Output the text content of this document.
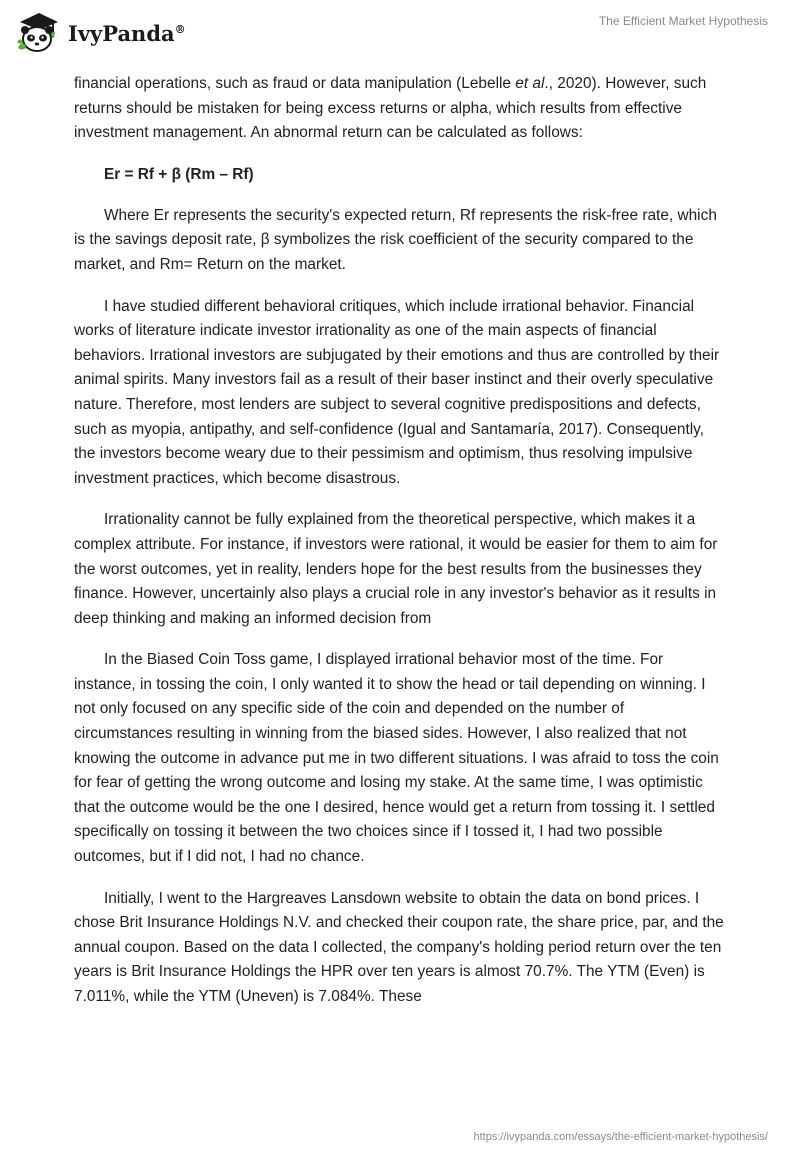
IvyPanda®
The Efficient Market Hypothesis

financial operations, such as fraud or data manipulation (Lebelle et al., 2020). However, such returns should be mistaken for being excess returns or alpha, which results from effective investment management. An abnormal return can be calculated as follows:

Er = Rf + β (Rm – Rf)

Where Er represents the security's expected return, Rf represents the risk-free rate, which is the savings deposit rate, β symbolizes the risk coefficient of the security compared to the market, and Rm= Return on the market.

I have studied different behavioral critiques, which include irrational behavior. Financial works of literature indicate investor irrationality as one of the main aspects of financial behaviors. Irrational investors are subjugated by their emotions and thus are controlled by their animal spirits. Many investors fail as a result of their baser instinct and their overly speculative nature. Therefore, most lenders are subject to several cognitive predispositions and defects, such as myopia, antipathy, and self-confidence (Igual and Santamaría, 2017). Consequently, the investors become weary due to their pessimism and optimism, thus resolving impulsive investment practices, which become disastrous.

Irrationality cannot be fully explained from the theoretical perspective, which makes it a complex attribute. For instance, if investors were rational, it would be easier for them to aim for the worst outcomes, yet in reality, lenders hope for the best results from the businesses they finance. However, uncertainly also plays a crucial role in any investor's behavior as it results in deep thinking and making an informed decision from

In the Biased Coin Toss game, I displayed irrational behavior most of the time. For instance, in tossing the coin, I only wanted it to show the head or tail depending on winning. I not only focused on any specific side of the coin and depended on the number of circumstances resulting in winning from the biased sides. However, I also realized that not knowing the outcome in advance put me in two different situations. I was afraid to toss the coin for fear of getting the wrong outcome and losing my stake. At the same time, I was optimistic that the outcome would be the one I desired, hence would get a return from tossing it. I settled specifically on tossing it between the two choices since if I tossed it, I had two possible outcomes, but if I did not, I had no chance.

Initially, I went to the Hargreaves Lansdown website to obtain the data on bond prices. I chose Brit Insurance Holdings N.V. and checked their coupon rate, the share price, par, and the annual coupon. Based on the data I collected, the company's holding period return over the ten years is Brit Insurance Holdings the HPR over ten years is almost 70.7%. The YTM (Even) is 7.011%, while the YTM (Uneven) is 7.084%. These

https://ivypanda.com/essays/the-efficient-market-hypothesis/
